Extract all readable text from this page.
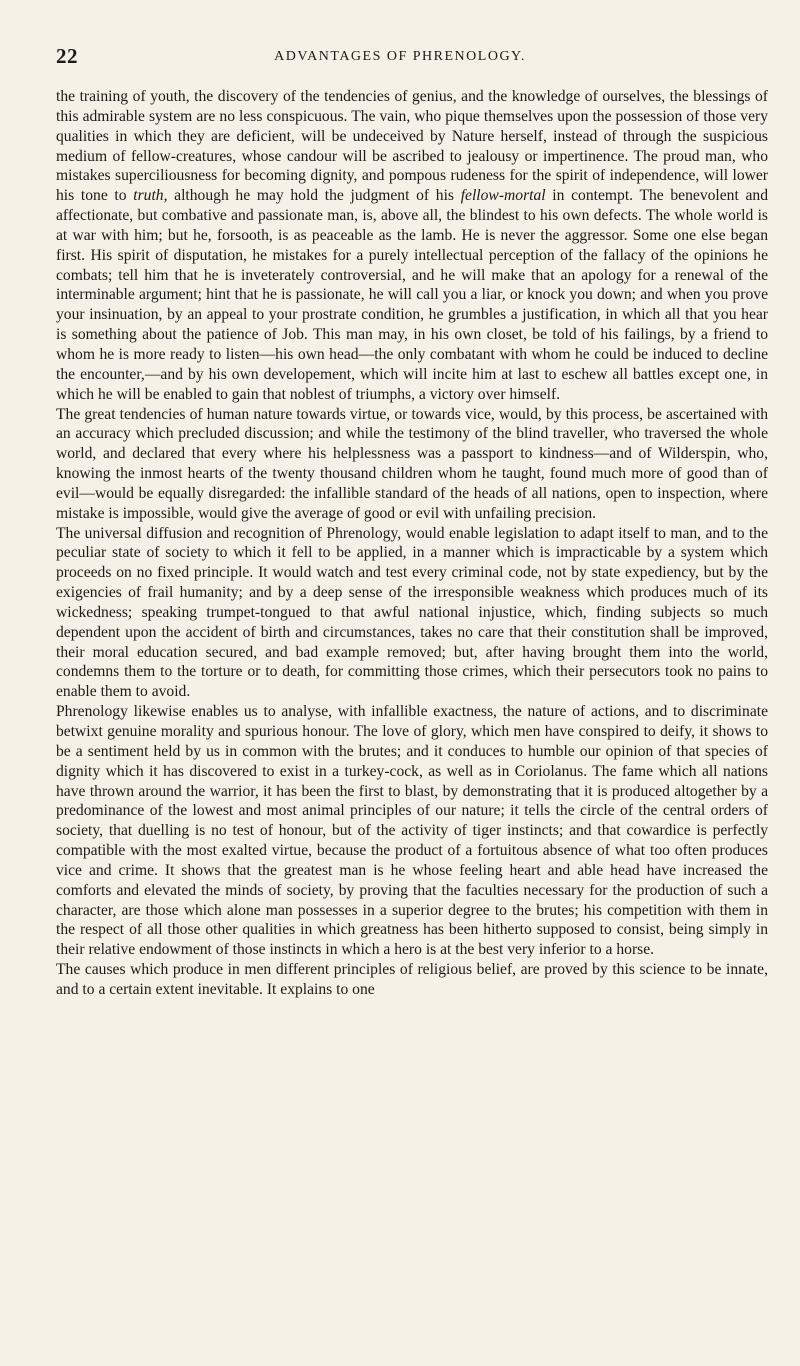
22	ADVANTAGES OF PHRENOLOGY.

the training of youth, the discovery of the tendencies of genius, and the knowledge of ourselves, the blessings of this admirable system are no less conspicuous. The vain, who pique themselves upon the possession of those very qualities in which they are deficient, will be undeceived by Nature herself, instead of through the suspicious medium of fellow-creatures, whose candour will be ascribed to jealousy or impertinence. The proud man, who mistakes superciliousness for becoming dignity, and pompous rudeness for the spirit of independence, will lower his tone to truth, although he may hold the judgment of his fellow-mortal in contempt. The benevolent and affectionate, but combative and passionate man, is, above all, the blindest to his own defects. The whole world is at war with him; but he, forsooth, is as peaceable as the lamb. He is never the aggressor. Some one else began first. His spirit of disputation, he mistakes for a purely intellectual perception of the fallacy of the opinions he combats; tell him that he is inveterately controversial, and he will make that an apology for a renewal of the interminable argument; hint that he is passionate, he will call you a liar, or knock you down; and when you prove your insinuation, by an appeal to your prostrate condition, he grumbles a justification, in which all that you hear is something about the patience of Job. This man may, in his own closet, be told of his failings, by a friend to whom he is more ready to listen—his own head—the only combatant with whom he could be induced to decline the encounter,—and by his own developement, which will incite him at last to eschew all battles except one, in which he will be enabled to gain that noblest of triumphs, a victory over himself.

The great tendencies of human nature towards virtue, or towards vice, would, by this process, be ascertained with an accuracy which precluded discussion; and while the testimony of the blind traveller, who traversed the whole world, and declared that every where his helplessness was a passport to kindness—and of Wilderspin, who, knowing the inmost hearts of the twenty thousand children whom he taught, found much more of good than of evil—would be equally disregarded: the infallible standard of the heads of all nations, open to inspection, where mistake is impossible, would give the average of good or evil with unfailing precision.

The universal diffusion and recognition of Phrenology, would enable legislation to adapt itself to man, and to the peculiar state of society to which it fell to be applied, in a manner which is impracticable by a system which proceeds on no fixed principle. It would watch and test every criminal code, not by state expediency, but by the exigencies of frail humanity; and by a deep sense of the irresponsible weakness which produces much of its wickedness; speaking trumpet-tongued to that awful national injustice, which, finding subjects so much dependent upon the accident of birth and circumstances, takes no care that their constitution shall be improved, their moral education secured, and bad example removed; but, after having brought them into the world, condemns them to the torture or to death, for committing those crimes, which their persecutors took no pains to enable them to avoid.

Phrenology likewise enables us to analyse, with infallible exactness, the nature of actions, and to discriminate betwixt genuine morality and spurious honour. The love of glory, which men have conspired to deify, it shows to be a sentiment held by us in common with the brutes; and it conduces to humble our opinion of that species of dignity which it has discovered to exist in a turkey-cock, as well as in Coriolanus. The fame which all nations have thrown around the warrior, it has been the first to blast, by demonstrating that it is produced altogether by a predominance of the lowest and most animal principles of our nature; it tells the circle of the central orders of society, that duelling is no test of honour, but of the activity of tiger instincts; and that cowardice is perfectly compatible with the most exalted virtue, because the product of a fortuitous absence of what too often produces vice and crime. It shows that the greatest man is he whose feeling heart and able head have increased the comforts and elevated the minds of society, by proving that the faculties necessary for the production of such a character, are those which alone man possesses in a superior degree to the brutes; his competition with them in the respect of all those other qualities in which greatness has been hitherto supposed to consist, being simply in their relative endowment of those instincts in which a hero is at the best very inferior to a horse.

The causes which produce in men different principles of religious belief, are proved by this science to be innate, and to a certain extent inevitable. It explains to one
